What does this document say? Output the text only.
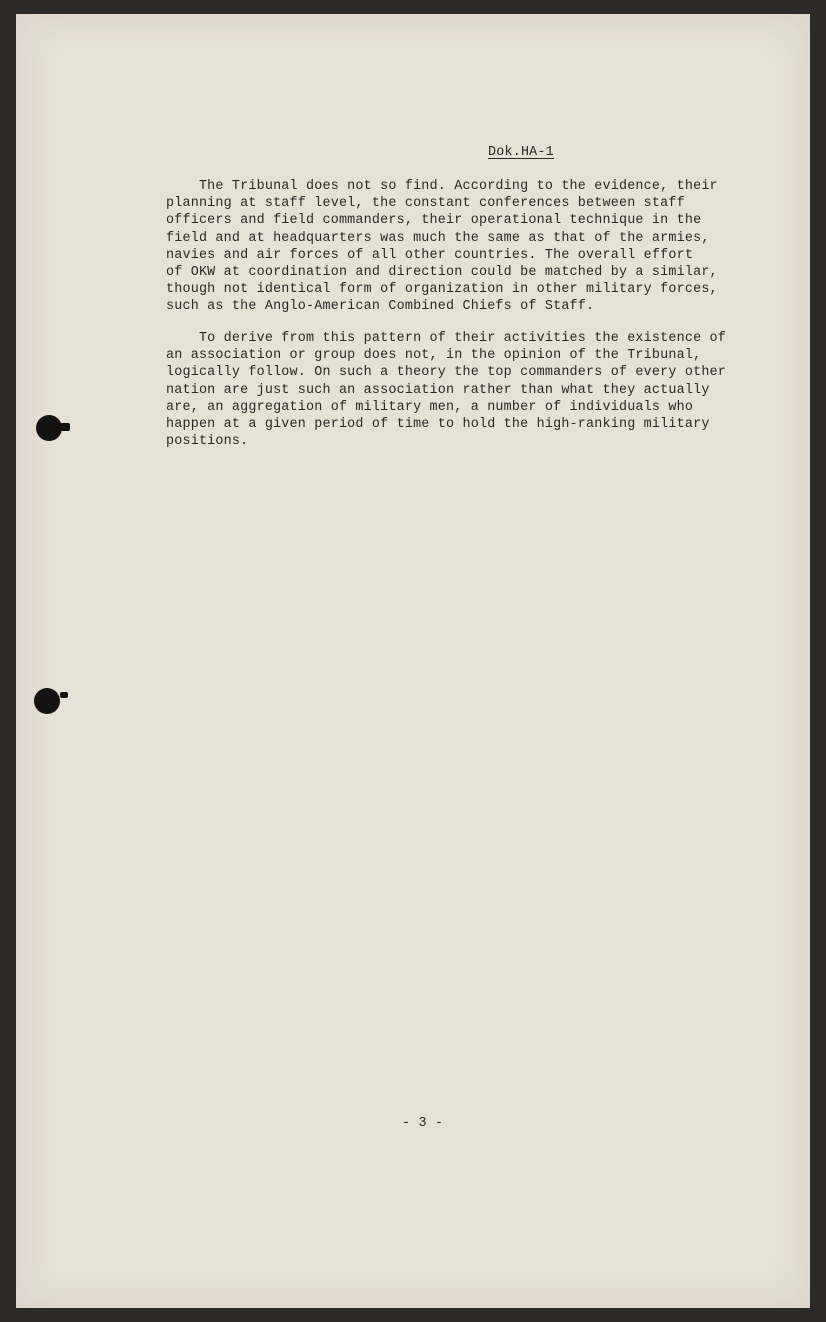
Dok.HA-1
The Tribunal does not so find. According to the evidence, their
planning at staff level, the constant conferences between staff
officers and field commanders, their operational technique in the
field and at headquarters was much the same as that of the armies,
navies and air forces of all other countries. The overall effort
of OKW at coordination and direction could be matched by a similar,
though not identical form of organization in other military forces,
such as the Anglo-American Combined Chiefs of Staff.
To derive from this pattern of their activities the existence of
an association or group does not, in the opinion of the Tribunal,
logically follow. On such a theory the top commanders of every other
nation are just such an association rather than what they actually
are, an aggregation of military men, a number of individuals who
happen at a given period of time to hold the high-ranking military
positions.
- 3 -
